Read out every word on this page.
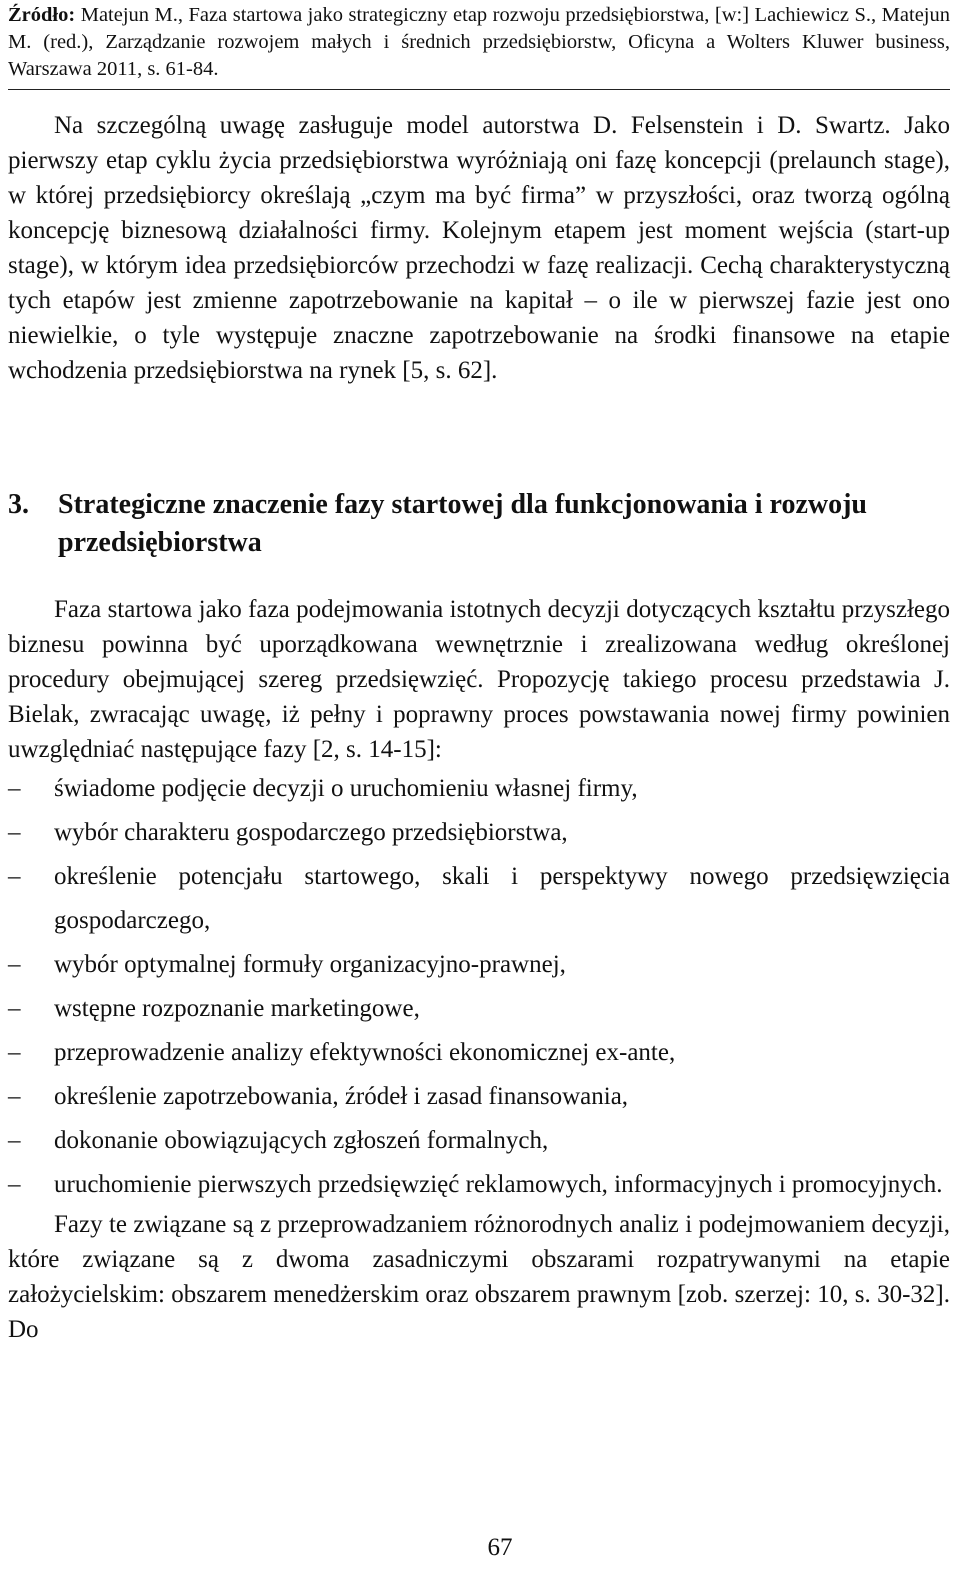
Źródło: Matejun M., Faza startowa jako strategiczny etap rozwoju przedsiębiorstwa, [w:] Lachiewicz S., Matejun M. (red.), Zarządzanie rozwojem małych i średnich przedsiębiorstw, Oficyna a Wolters Kluwer business, Warszawa 2011, s. 61-84.

Na szczególną uwagę zasługuje model autorstwa D. Felsenstein i D. Swartz. Jako pierwszy etap cyklu życia przedsiębiorstwa wyróżniają oni fazę koncepcji (prelaunch stage), w której przedsiębiorcy określają „czym ma być firma” w przyszłości, oraz tworzą ogólną koncepcję biznesową działalności firmy. Kolejnym etapem jest moment wejścia (start-up stage), w którym idea przedsiębiorców przechodzi w fazę realizacji. Cechą charakterystyczną tych etapów jest zmienne zapotrzebowanie na kapitał – o ile w pierwszej fazie jest ono niewielkie, o tyle występuje znaczne zapotrzebowanie na środki finansowe na etapie wchodzenia przedsiębiorstwa na rynek [5, s. 62].

3. Strategiczne znaczenie fazy startowej dla funkcjonowania i rozwoju przedsiębiorstwa

Faza startowa jako faza podejmowania istotnych decyzji dotyczących kształtu przyszłego biznesu powinna być uporządkowana wewnętrznie i zrealizowana według określonej procedury obejmującej szereg przedsięwzięć. Propozycję takiego procesu przedstawia J. Bielak, zwracając uwagę, iż pełny i poprawny proces powstawania nowej firmy powinien uwzględniać następujące fazy [2, s. 14-15]:

– świadome podjęcie decyzji o uruchomieniu własnej firmy,
– wybór charakteru gospodarczego przedsiębiorstwa,
– określenie potencjału startowego, skali i perspektywy nowego przedsięwzięcia gospodarczego,
– wybór optymalnej formuły organizacyjno-prawnej,
– wstępne rozpoznanie marketingowe,
– przeprowadzenie analizy efektywności ekonomicznej ex-ante,
– określenie zapotrzebowania, źródeł i zasad finansowania,
– dokonanie obowiązujących zgłoszeń formalnych,
– uruchomienie pierwszych przedsięwzięć reklamowych, informacyjnych i promocyjnych.

Fazy te związane są z przeprowadzaniem różnorodnych analiz i podejmowaniem decyzji, które związane są z dwoma zasadniczymi obszarami rozpatrywanymi na etapie założycielskim: obszarem menedżerskim oraz obszarem prawnym [zob. szerzej: 10, s. 30-32]. Do

67
